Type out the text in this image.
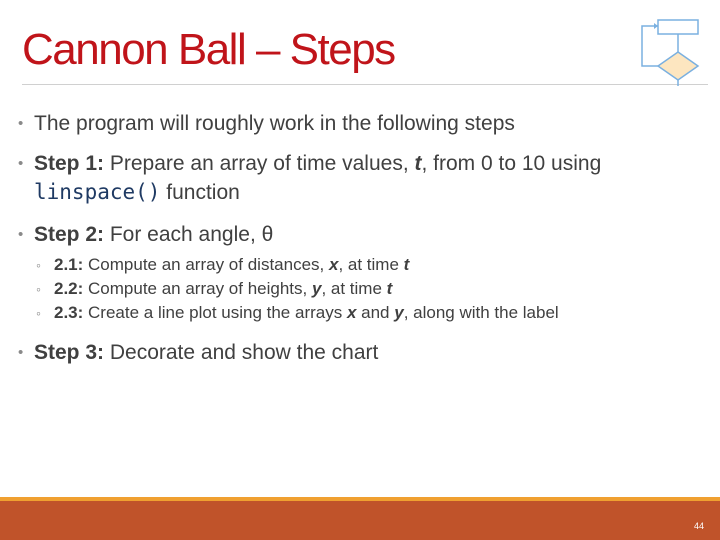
Cannon Ball – Steps
• The program will roughly work in the following steps
• Step 1: Prepare an array of time values, t, from 0 to 10 using linspace() function
• Step 2: For each angle, θ
◦ 2.1: Compute an array of distances, x, at time t
◦ 2.2: Compute an array of heights, y, at time t
◦ 2.3: Create a line plot using the arrays x and y, along with the label
• Step 3: Decorate and show the chart
44
